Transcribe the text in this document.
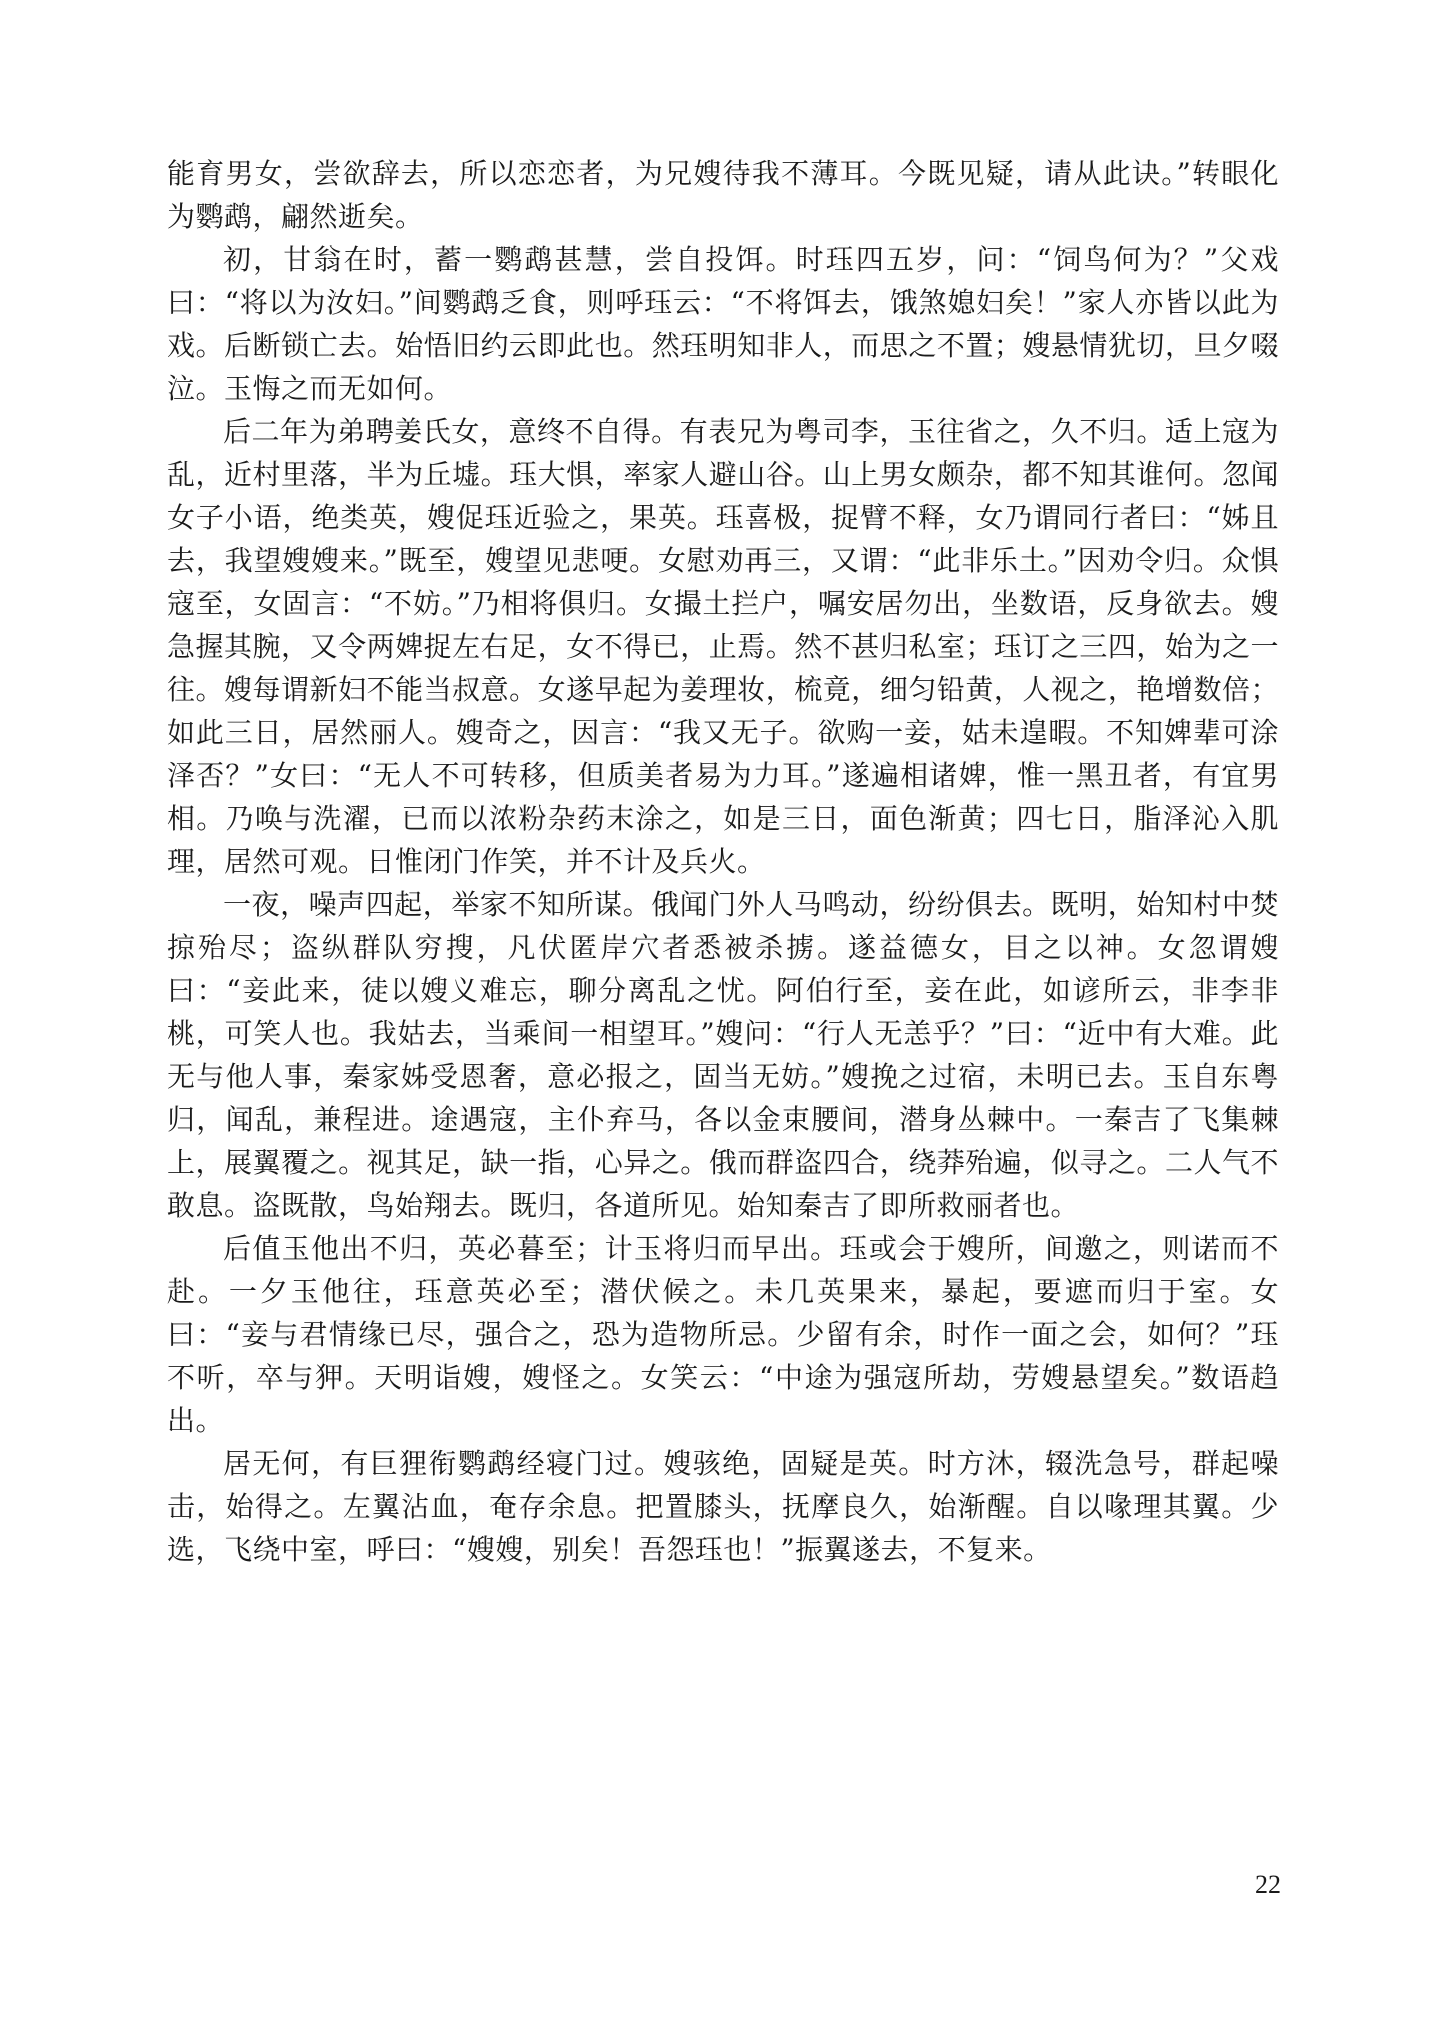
能育男女，尝欲辞去，所以恋恋者，为兄嫂待我不薄耳。今既见疑，请从此诀。”转眼化为鹦鹉，翩然逝矣。

初，甘翁在时，蓄一鹦鹉甚慧，尝自投饵。时珏四五岁，问：“饲鸟何为？”父戏曰：“将以为汝妇。”间鹦鹉乏食，则呼珏云：“不将饵去，饿煞媳妇矣！”家人亦皆以此为戏。后断锁亡去。始悟旧约云即此也。然珏明知非人，而思之不置；嫂悬情犹切，旦夕啜泣。玉悔之而无如何。

后二年为弟聘姜氏女，意终不自得。有表兄为粤司李，玉往省之，久不归。适上寇为乱，近村里落，半为丘墟。珏大惧，率家人避山谷。山上男女颇杂，都不知其谁何。忽闻女子小语，绝类英，嫂促珏近验之，果英。珏喜极，捉臂不释，女乃谓同行者曰：“姊且去，我望嫂嫂来。”既至，嫂望见悲哽。女慰劝再三，又谓：“此非乐土。”因劝令归。众惧寇至，女固言：“不妨。”乃相将俱归。女撮土拦户，嘱安居勿出，坐数语，反身欲去。嫂急握其腕，又令两婢捉左右足，女不得已，止焉。然不甚归私室；珏订之三四，始为之一往。嫂每谓新妇不能当叔意。女遂早起为姜理妆，梳竟，细匀铅黄，人视之，艳增数倍；如此三日，居然丽人。嫂奇之，因言：“我又无子。欲购一妾，姑未遑暇。不知婢辈可涂泽否？”女曰：“无人不可转移，但质美者易为力耳。”遂遍相诸婢，惟一黑丑者，有宜男相。乃唤与洗濯，已而以浓粉杂药末涂之，如是三日，面色渐黄；四七日，脂泽沁入肌理，居然可观。日惟闭门作笑，并不计及兵火。

一夜，噪声四起，举家不知所谋。俄闻门外人马鸣动，纷纷俱去。既明，始知村中焚掠殆尽；盗纵群队穷搜，凡伏匿岸穴者悉被杀掳。遂益德女，目之以神。女忽谓嫂曰：“妾此来，徒以嫂义难忘，聊分离乱之忧。阿伯行至，妾在此，如谚所云，非李非桃，可笑人也。我姑去，当乘间一相望耳。”嫂问：“行人无恙乎？”曰：“近中有大难。此无与他人事，秦家姊受恩奢，意必报之，固当无妨。”嫂挽之过宿，未明已去。玉自东粤归，闻乱，兼程进。途遇寇，主仆弃马，各以金束腰间，潜身丛棘中。一秦吉了飞集棘上，展翼覆之。视其足，缺一指，心异之。俄而群盗四合，绕莽殆遍，似寻之。二人气不敢息。盗既散，鸟始翔去。既归，各道所见。始知秦吉了即所救丽者也。

后值玉他出不归，英必暮至；计玉将归而早出。珏或会于嫂所，间邀之，则诺而不赴。一夕玉他往，珏意英必至；潜伏候之。未几英果来，暴起，要遮而归于室。女曰：“妾与君情缘已尽，强合之，恐为造物所忌。少留有余，时作一面之会，如何？”珏不听，卒与狎。天明诣嫂，嫂怪之。女笑云：“中途为强寇所劫，劳嫂悬望矣。”数语趋出。

居无何，有巨狸衔鹦鹉经寝门过。嫂骇绝，固疑是英。时方沐，辍洗急号，群起噪击，始得之。左翼沾血，奄存余息。把置膝头，抚摩良久，始渐醒。自以喙理其翼。少选，飞绕中室，呼曰：“嫂嫂，别矣！吾怨珏也！”振翼遂去，不复来。

22
